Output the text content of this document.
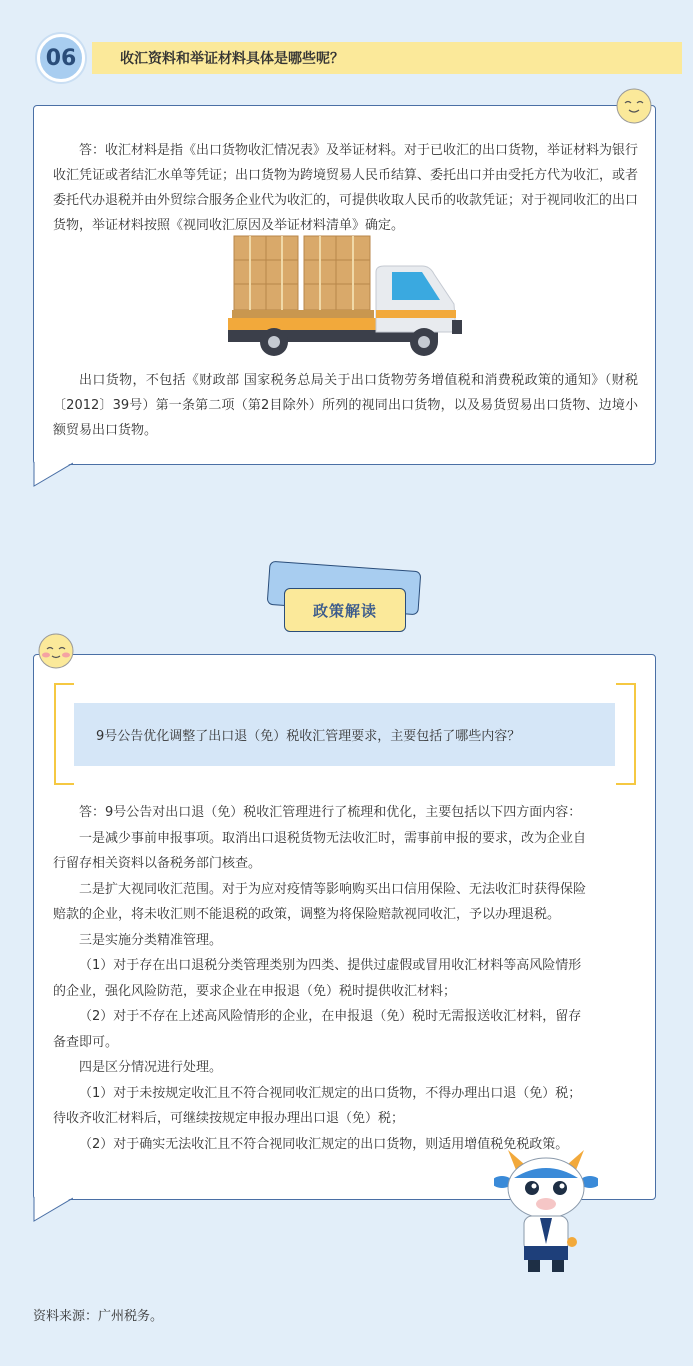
06	收汇资料和举证材料具体是哪些呢？
答：收汇材料是指《出口货物收汇情况表》及举证材料。对于已收汇的出口货物，举证材料为银行收汇凭证或者结汇水单等凭证；出口货物为跨境贸易人民币结算、委托出口并由受托方代为收汇，或者委托代办退税并由外贸综合服务企业代为收汇的，可提供收取人民币的收款凭证；对于视同收汇的出口货物，举证材料按照《视同收汇原因及举证材料清单》确定。
出口货物，不包括《财政部 国家税务总局关于出口货物劳务增值税和消费税政策的通知》（财税〔2012〕39号）第一条第二项（第2目除外）所列的视同出口货物，以及易货贸易出口货物、边境小额贸易出口货物。
政策解读
9号公告优化调整了出口退（免）税收汇管理要求，主要包括了哪些内容？
答：9号公告对出口退（免）税收汇管理进行了梳理和优化，主要包括以下四方面内容：
一是减少事前申报事项。取消出口退税货物无法收汇时，需事前申报的要求，改为企业自
行留存相关资料以备税务部门核查。
二是扩大视同收汇范围。对于为应对疫情等影响购买出口信用保险、无法收汇时获得保险
赔款的企业，将未收汇则不能退税的政策，调整为将保险赔款视同收汇，予以办理退税。
三是实施分类精准管理。
（1）对于存在出口退税分类管理类别为四类、提供过虚假或冒用收汇材料等高风险情形
的企业，强化风险防范，要求企业在申报退（免）税时提供收汇材料；
（2）对于不存在上述高风险情形的企业，在申报退（免）税时无需报送收汇材料，留存
备查即可。
四是区分情况进行处理。
（1）对于未按规定收汇且不符合视同收汇规定的出口货物，不得办理出口退（免）税；
待收齐收汇材料后，可继续按规定申报办理出口退（免）税；
（2）对于确实无法收汇且不符合视同收汇规定的出口货物，则适用增值税免税政策。
资料来源：广州税务。
